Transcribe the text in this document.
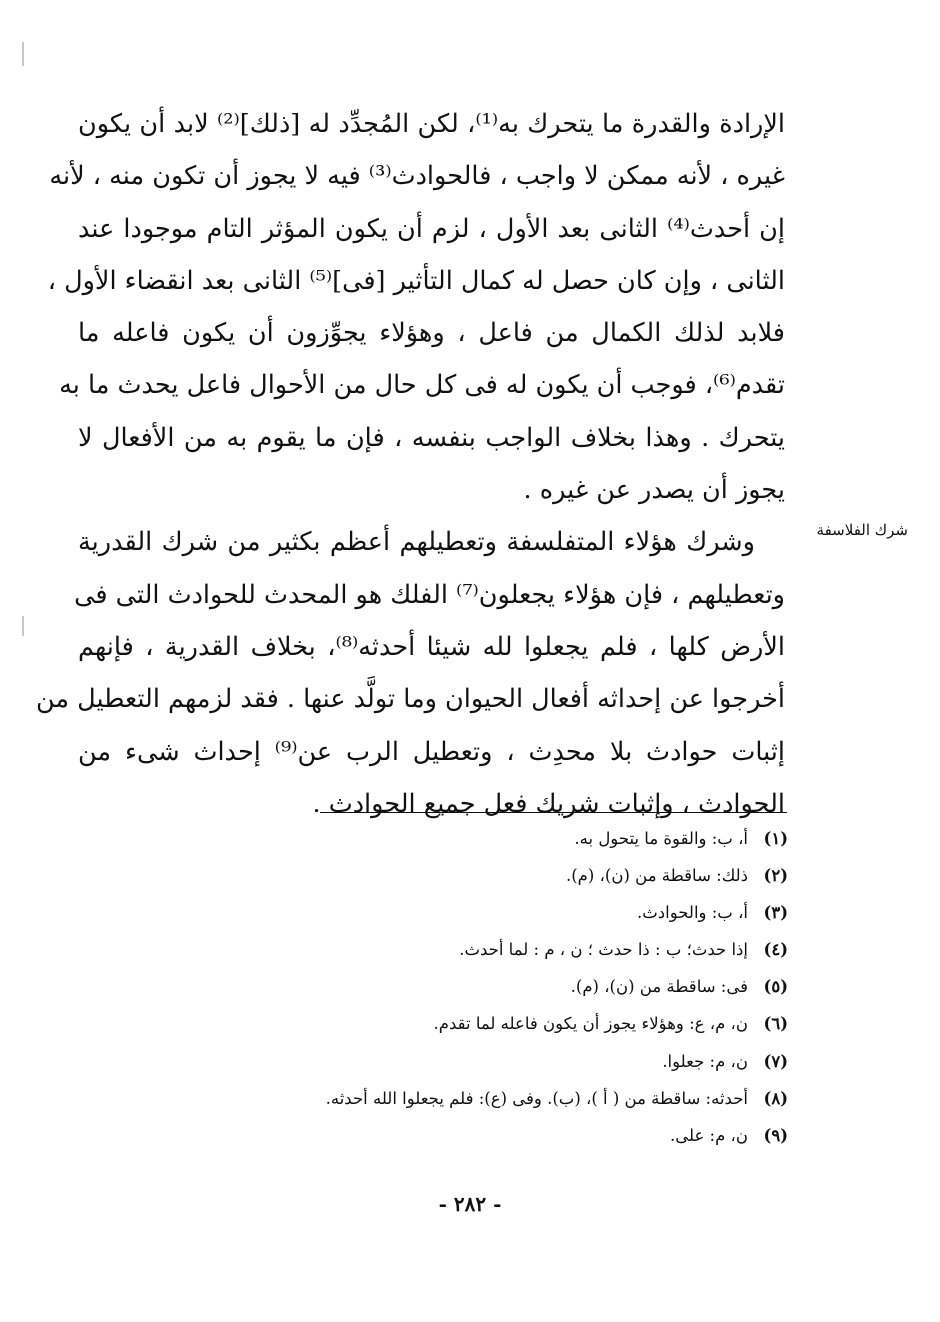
الإرادة والقدرة ما يتحرك به⁽¹⁾، لكن المُجدِّد له [ذلك]⁽²⁾ لابد أن يكون
غيره ، لأنه ممكن لا واجب ، فالحوادث⁽³⁾ فيه لا يجوز أن تكون منه ، لأنه
إن أحدث⁽⁴⁾ الثانى بعد الأول ، لزم أن يكون المؤثر التام موجودا عند
الثانى ، وإن كان حصل له كمال التأثير [فى]⁽⁵⁾ الثانى بعد انقضاء الأول ،
فلابد لذلك الكمال من فاعل ، وهؤلاء يجوِّزون أن يكون فاعله ما
تقدم⁽⁶⁾، فوجب أن يكون له فى كل حال من الأحوال فاعل يحدث ما به
يتحرك . وهذا بخلاف الواجب بنفسه ، فإن ما يقوم به من الأفعال لا
يجوز أن يصدر عن غيره .
وشرك هؤلاء المتفلسفة وتعطيلهم أعظم بكثير من شرك القدرية
وتعطيلهم ، فإن هؤلاء يجعلون⁽⁷⁾ الفلك هو المحدث للحوادث التى فى
الأرض كلها ، فلم يجعلوا لله شيئا أحدثه⁽⁸⁾، بخلاف القدرية ، فإنهم
أخرجوا عن إحداثه أفعال الحيوان وما تولَّد عنها . فقد لزمهم التعطيل من
إثبات حوادث بلا محدِث ، وتعطيل الرب عن⁽⁹⁾ إحداث شىء من
الحوادث ، وإثبات شريك فعل جميع الحوادث .
شرك الفلاسفة
(١)أ، ب: والقوة ما يتحول به.
(٢)ذلك: ساقطة من (ن)، (م).
(٣)أ، ب: والحوادث.
(٤)إذا حدث؛ ب : ذا حدث ؛ ن ، م : لما أحدث.
(٥)فى: ساقطة من (ن)، (م).
(٦)ن، م، ع: وهؤلاء يجوز أن يكون فاعله لما تقدم.
(٧)ن، م: جعلوا.
(٨)أحدثه: ساقطة من ( أ )، (ب). وفى (ع): فلم يجعلوا الله أحدثه.
(٩)ن، م: على.
- ٢٨٢ -
